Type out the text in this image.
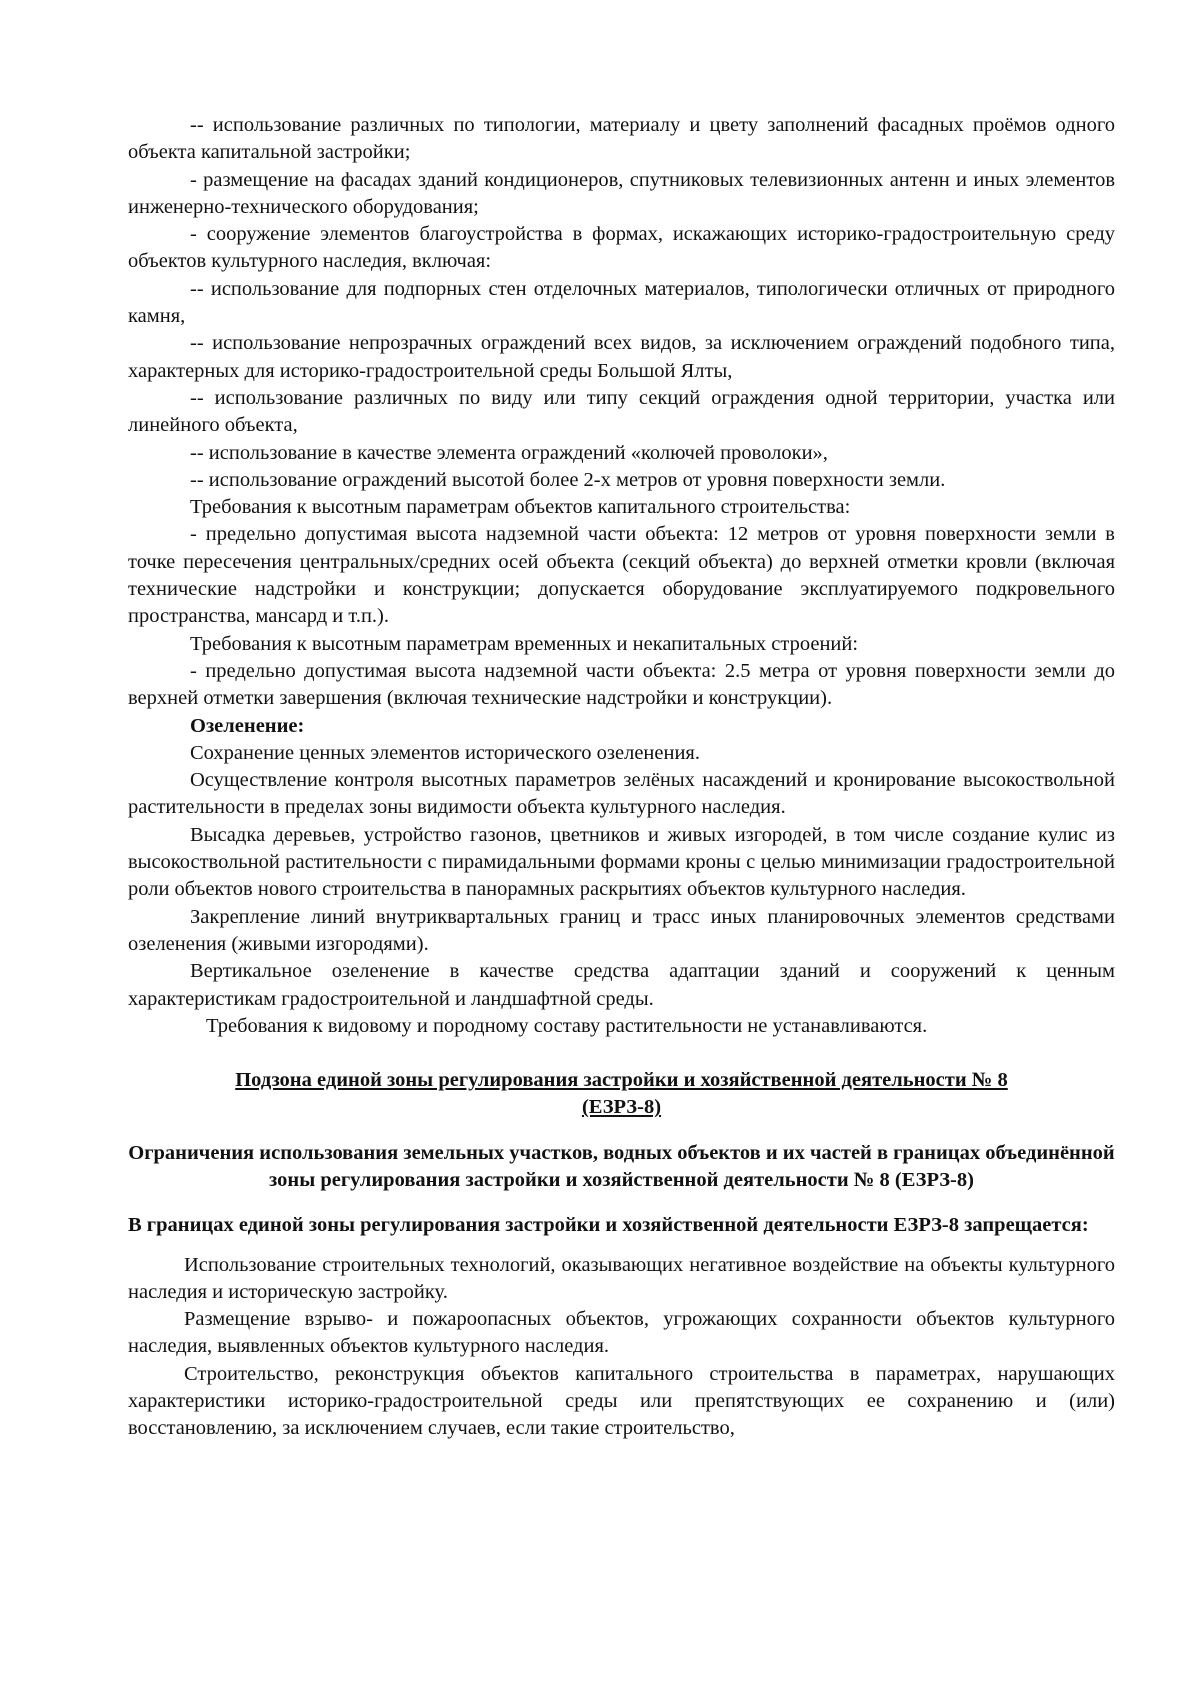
-- использование различных по типологии, материалу и цвету заполнений фасадных проёмов одного объекта капитальной застройки;

- размещение на фасадах зданий кондиционеров, спутниковых телевизионных антенн и иных элементов инженерно-технического оборудования;

- сооружение элементов благоустройства в формах, искажающих историко-градостроительную среду объектов культурного наследия, включая:

-- использование для подпорных стен отделочных материалов, типологически отличных от природного камня,

-- использование непрозрачных ограждений всех видов, за исключением ограждений подобного типа, характерных для историко-градостроительной среды Большой Ялты,

-- использование различных по виду или типу секций ограждения одной территории, участка или линейного объекта,

-- использование в качестве элемента ограждений «колючей проволоки»,

-- использование ограждений высотой более 2-х метров от уровня поверхности земли.

Требования к высотным параметрам объектов капитального строительства:

- предельно допустимая высота надземной части объекта: 12 метров от уровня поверхности земли в точке пересечения центральных/средних осей объекта (секций объекта) до верхней отметки кровли (включая технические надстройки и конструкции; допускается оборудование эксплуатируемого подкровельного пространства, мансард и т.п.).

Требования к высотным параметрам временных и некапитальных строений:

- предельно допустимая высота надземной части объекта: 2.5 метра от уровня поверхности земли до верхней отметки завершения (включая технические надстройки и конструкции).

Озеленение:

Сохранение ценных элементов исторического озеленения.

Осуществление контроля высотных параметров зелёных насаждений и кронирование высокоствольной растительности в пределах зоны видимости объекта культурного наследия.

Высадка деревьев, устройство газонов, цветников и живых изгородей, в том числе создание кулис из высокоствольной растительности с пирамидальными формами кроны с целью минимизации градостроительной роли объектов нового строительства в панорамных раскрытиях объектов культурного наследия.

Закрепление линий внутриквартальных границ и трасс иных планировочных элементов средствами озеленения (живыми изгородями).

Вертикальное озеленение в качестве средства адаптации зданий и сооружений к ценным характеристикам градостроительной и ландшафтной среды.

Требования к видовому и породному составу растительности не устанавливаются.

Подзона единой зоны регулирования застройки и хозяйственной деятельности № 8
(ЕЗРЗ-8)

Ограничения использования земельных участков, водных объектов и их частей в границах объединённой зоны регулирования застройки и хозяйственной деятельности № 8 (ЕЗРЗ-8)

В границах единой зоны регулирования застройки и хозяйственной деятельности ЕЗРЗ-8 запрещается:

Использование строительных технологий, оказывающих негативное воздействие на объекты культурного наследия и историческую застройку.

Размещение взрыво- и пожароопасных объектов, угрожающих сохранности объектов культурного наследия, выявленных объектов культурного наследия.

Строительство, реконструкция объектов капитального строительства в параметрах, нарушающих характеристики историко-градостроительной среды или препятствующих ее сохранению и (или) восстановлению, за исключением случаев, если такие строительство,
